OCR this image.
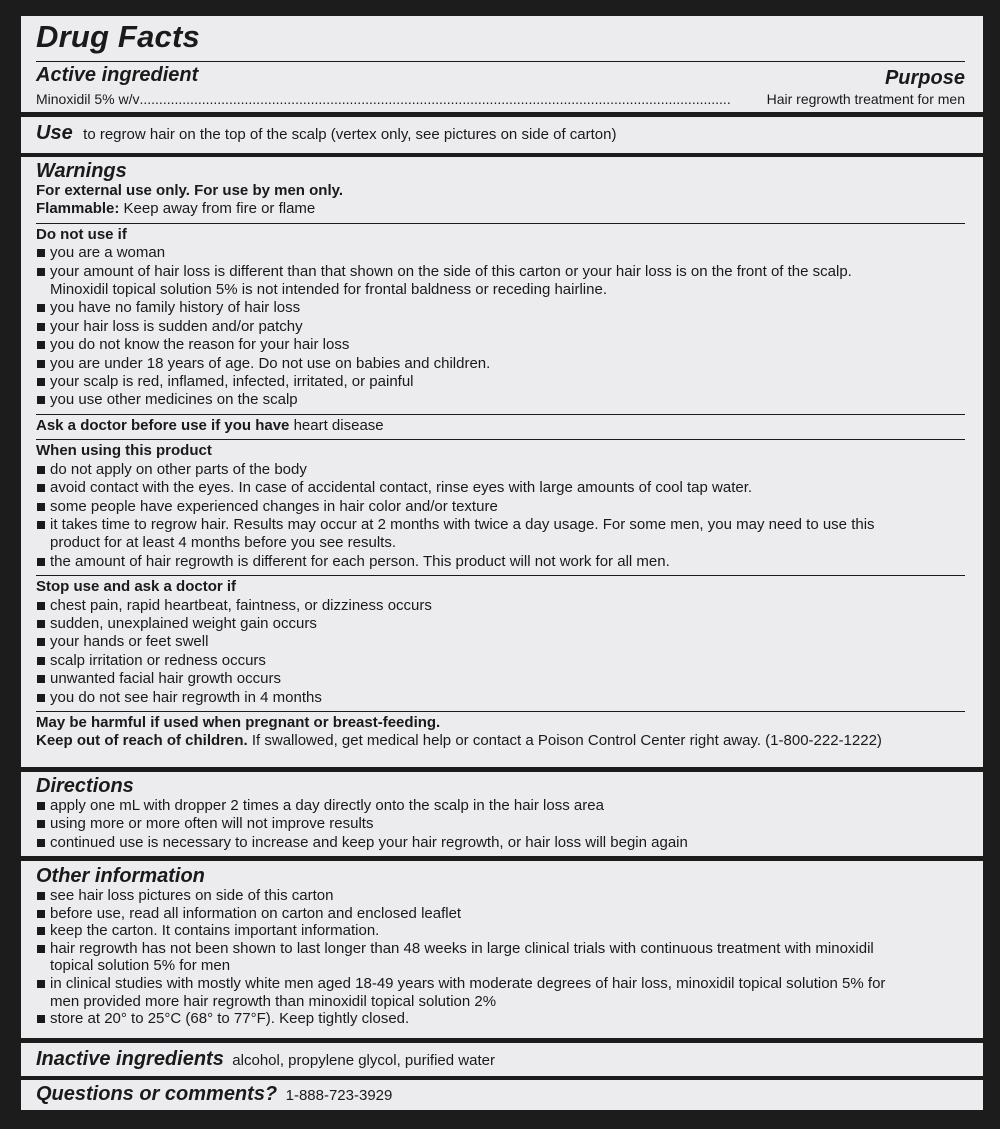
Drug Facts
Active ingredient	Purpose
Minoxidil 5% w/v ........................................................................................................................................................	Hair regrowth treatment for men
Use to regrow hair on the top of the scalp (vertex only, see pictures on side of carton)
Warnings
For external use only. For use by men only.
Flammable: Keep away from fire or flame
Do not use if
you are a woman
your amount of hair loss is different than that shown on the side of this carton or your hair loss is on the front of the scalp.
Minoxidil topical solution 5% is not intended for frontal baldness or receding hairline.
you have no family history of hair loss
your hair loss is sudden and/or patchy
you do not know the reason for your hair loss
you are under 18 years of age. Do not use on babies and children.
your scalp is red, inflamed, infected, irritated, or painful
you use other medicines on the scalp
Ask a doctor before use if you have heart disease
When using this product
do not apply on other parts of the body
avoid contact with the eyes. In case of accidental contact, rinse eyes with large amounts of cool tap water.
some people have experienced changes in hair color and/or texture
it takes time to regrow hair. Results may occur at 2 months with twice a day usage. For some men, you may need to use this
product for at least 4 months before you see results.
the amount of hair regrowth is different for each person. This product will not work for all men.
Stop use and ask a doctor if
chest pain, rapid heartbeat, faintness, or dizziness occurs
sudden, unexplained weight gain occurs
your hands or feet swell
scalp irritation or redness occurs
unwanted facial hair growth occurs
you do not see hair regrowth in 4 months
May be harmful if used when pregnant or breast-feeding.
Keep out of reach of children. If swallowed, get medical help or contact a Poison Control Center right away. (1-800-222-1222)
Directions
apply one mL with dropper 2 times a day directly onto the scalp in the hair loss area
using more or more often will not improve results
continued use is necessary to increase and keep your hair regrowth, or hair loss will begin again
Other information
see hair loss pictures on side of this carton
before use, read all information on carton and enclosed leaflet
keep the carton. It contains important information.
hair regrowth has not been shown to last longer than 48 weeks in large clinical trials with continuous treatment with minoxidil
topical solution 5% for men
in clinical studies with mostly white men aged 18-49 years with moderate degrees of hair loss, minoxidil topical solution 5% for
men provided more hair regrowth than minoxidil topical solution 2%
store at 20° to 25°C (68° to 77°F). Keep tightly closed.
Inactive ingredients alcohol, propylene glycol, purified water
Questions or comments? 1-888-723-3929
